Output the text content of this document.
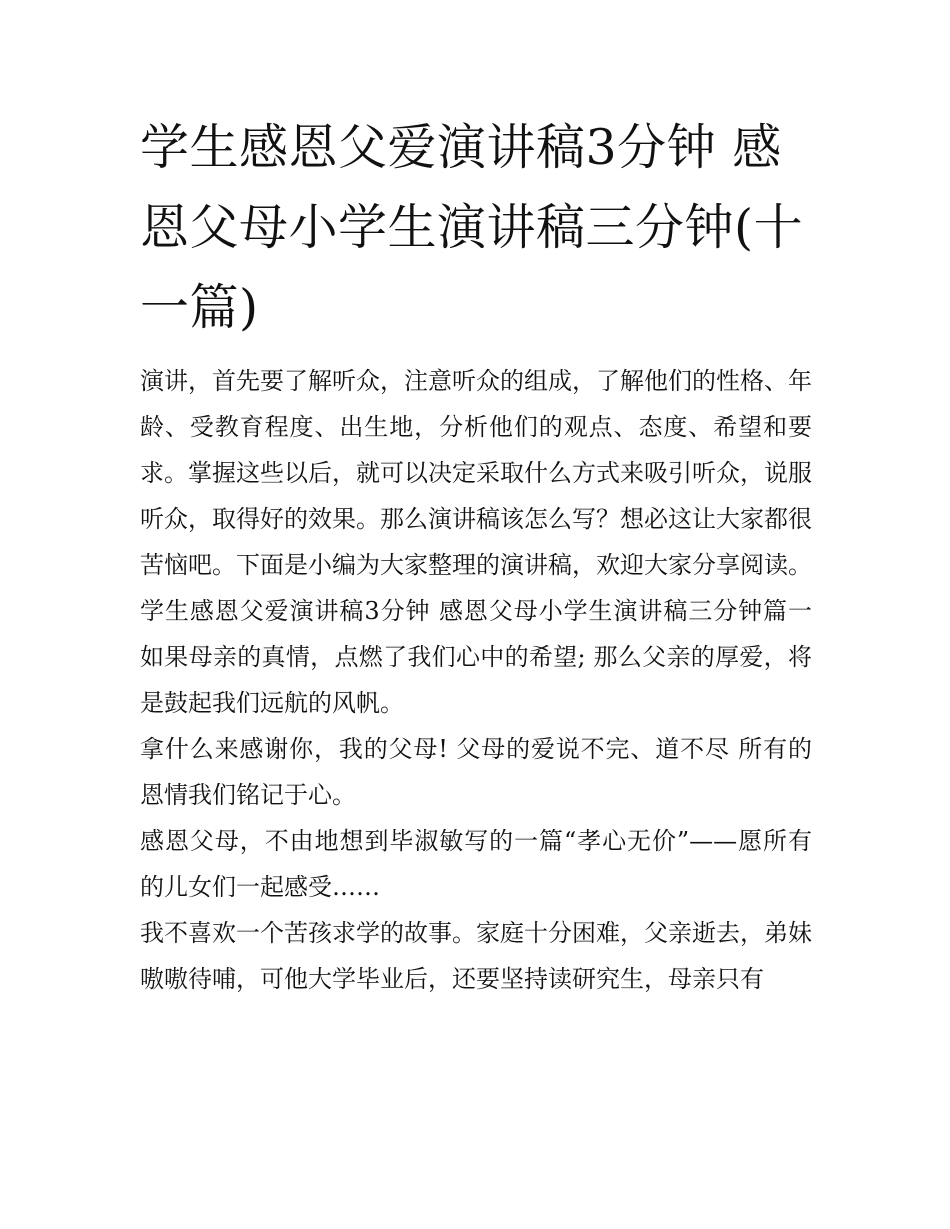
学生感恩父爱演讲稿3分钟 感恩父母小学生演讲稿三分钟(十一篇)

演讲，首先要了解听众，注意听众的组成，了解他们的性格、年龄、受教育程度、出生地，分析他们的观点、态度、希望和要求。掌握这些以后，就可以决定采取什么方式来吸引听众，说服听众，取得好的效果。那么演讲稿该怎么写？想必这让大家都很苦恼吧。下面是小编为大家整理的演讲稿，欢迎大家分享阅读。

学生感恩父爱演讲稿3分钟 感恩父母小学生演讲稿三分钟篇一 如果母亲的真情，点燃了我们心中的希望; 那么父亲的厚爱，将是鼓起我们远航的风帆。

拿什么来感谢你，我的父母! 父母的爱说不完、道不尽 所有的恩情我们铭记于心。

感恩父母，不由地想到毕淑敏写的一篇“孝心无价”——愿所有的儿女们一起感受……

我不喜欢一个苦孩求学的故事。家庭十分困难，父亲逝去，弟妹嗷嗷待哺，可他大学毕业后，还要坚持读研究生，母亲只有
